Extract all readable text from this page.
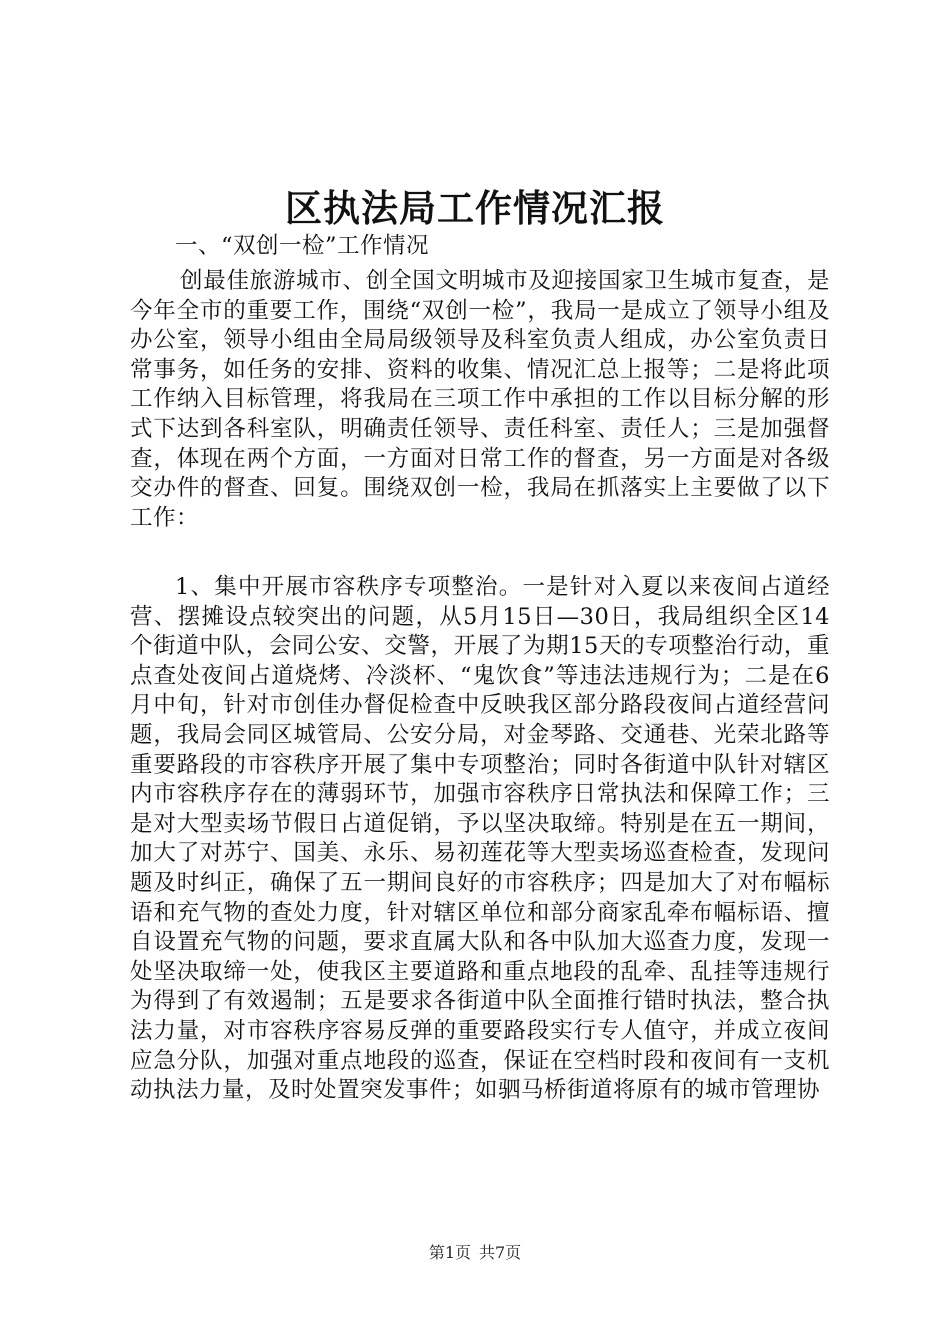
区执法局工作情况汇报

一、“双创一检”工作情况

创最佳旅游城市、创全国文明城市及迎接国家卫生城市复查，是今年全市的重要工作，围绕“双创一检”，我局一是成立了领导小组及办公室，领导小组由全局局级领导及科室负责人组成，办公室负责日常事务，如任务的安排、资料的收集、情况汇总上报等；二是将此项工作纳入目标管理，将我局在三项工作中承担的工作以目标分解的形式下达到各科室队，明确责任领导、责任科室、责任人；三是加强督查，体现在两个方面，一方面对日常工作的督查，另一方面是对各级交办件的督查、回复。围绕双创一检，我局在抓落实上主要做了以下工作：

1、集中开展市容秩序专项整治。一是针对入夏以来夜间占道经营、摆摊设点较突出的问题，从5月15日—30日，我局组织全区14个街道中队，会同公安、交警，开展了为期15天的专项整治行动，重点查处夜间占道烧烤、冷淡杯、“鬼饮食”等违法违规行为；二是在6月中旬，针对市创佳办督促检查中反映我区部分路段夜间占道经营问题，我局会同区城管局、公安分局，对金琴路、交通巷、光荣北路等重要路段的市容秩序开展了集中专项整治；同时各街道中队针对辖区内市容秩序存在的薄弱环节，加强市容秩序日常执法和保障工作；三是对大型卖场节假日占道促销，予以坚决取缔。特别是在五一期间，加大了对苏宁、国美、永乐、易初莲花等大型卖场巡查检查，发现问题及时纠正，确保了五一期间良好的市容秩序；四是加大了对布幅标语和充气物的查处力度，针对辖区单位和部分商家乱牵布幅标语、擅自设置充气物的问题，要求直属大队和各中队加大巡查力度，发现一处坚决取缔一处，使我区主要道路和重点地段的乱牵、乱挂等违规行为得到了有效遏制；五是要求各街道中队全面推行错时执法，整合执法力量，对市容秩序容易反弹的重要路段实行专人值守，并成立夜间应急分队，加强对重点地段的巡查，保证在空档时段和夜间有一支机动执法力量，及时处置突发事件；如驷马桥街道将原有的城市管理协

第1页 共7页
